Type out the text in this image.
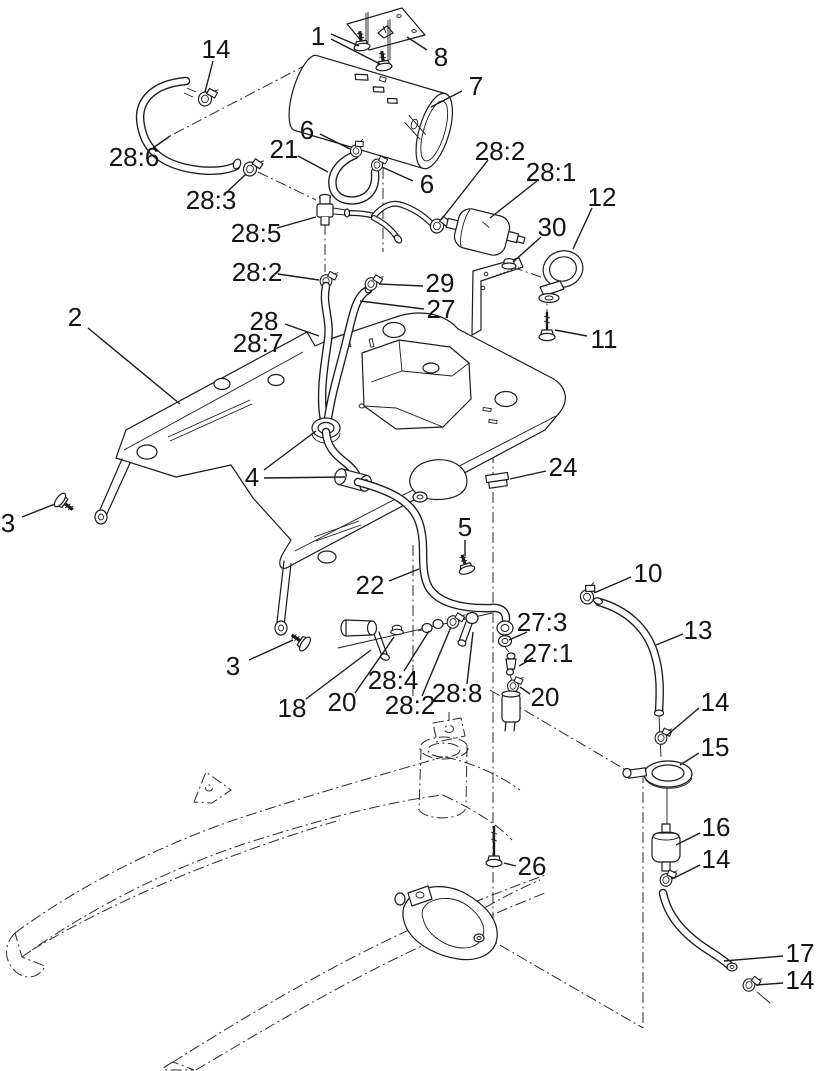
1
8
14
7
28:6
6
21
6
28:3
28:5
28:2
28:1
12
30
29
27
11
28:2
28
28:7
2
3
4	24
5
10
13
22
3
18 20
28:4
28:2
28:8
27:3
27:1
20	14
15
16
14
26
17
14
